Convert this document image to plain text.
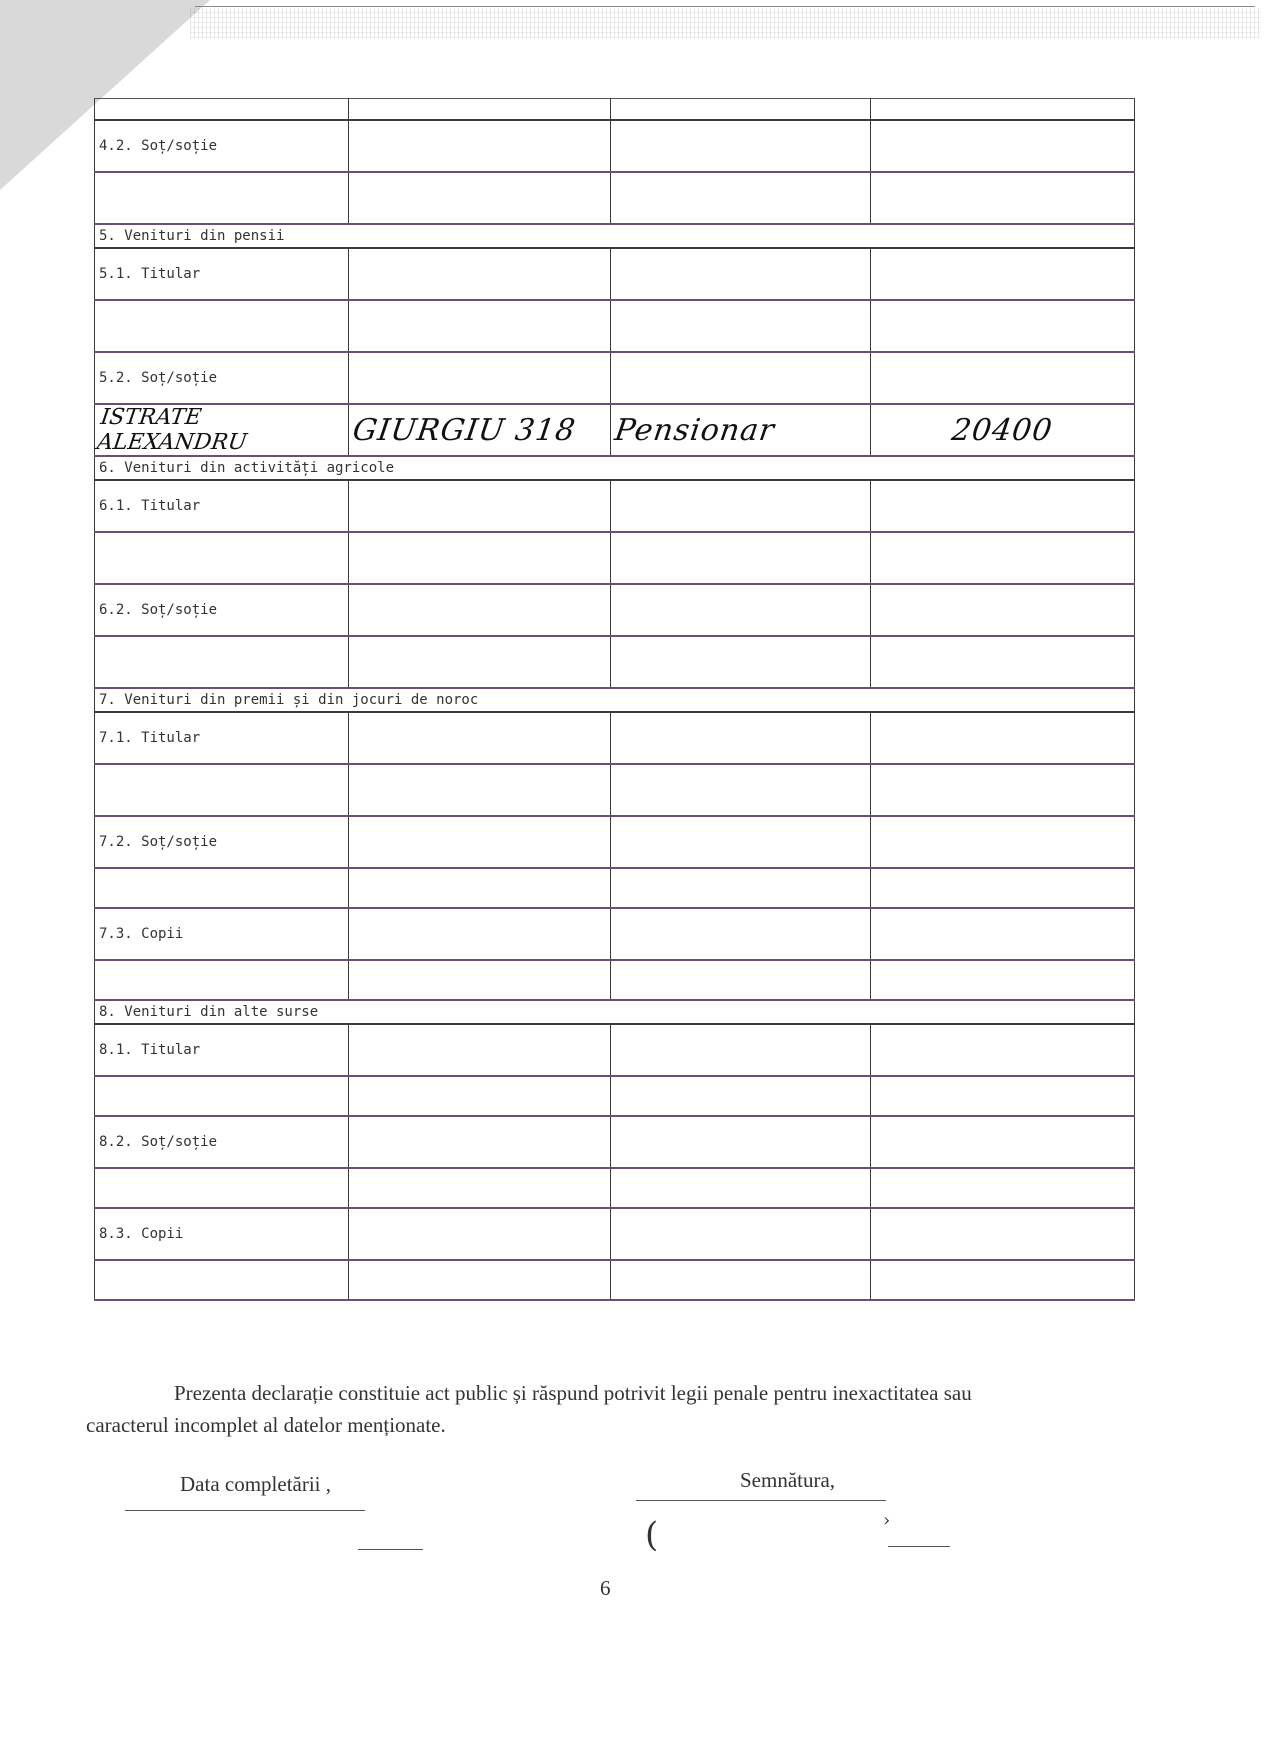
4.2. Soț/soție			

5. Venituri din pensii			
5.1. Titular			

5.2. Soț/soție			
ISTRATE ALEXANDRU	GIURGIU 318	Pensionar	20400
6. Venituri din activități agricole			
6.1. Titular			

6.2. Soț/soție			

7. Venituri din premii și din jocuri de noroc			
7.1. Titular			

7.2. Soț/soție			

7.3. Copii			

8. Venituri din alte surse			
8.1. Titular			

8.2. Soț/soție			

8.3. Copii			

Prezenta declarație constituie act public și răspund potrivit legii penale pentru inexactitatea sau
caracterul incomplet al datelor menționate.
Data completării ,	Semnătura,
(	›
6
